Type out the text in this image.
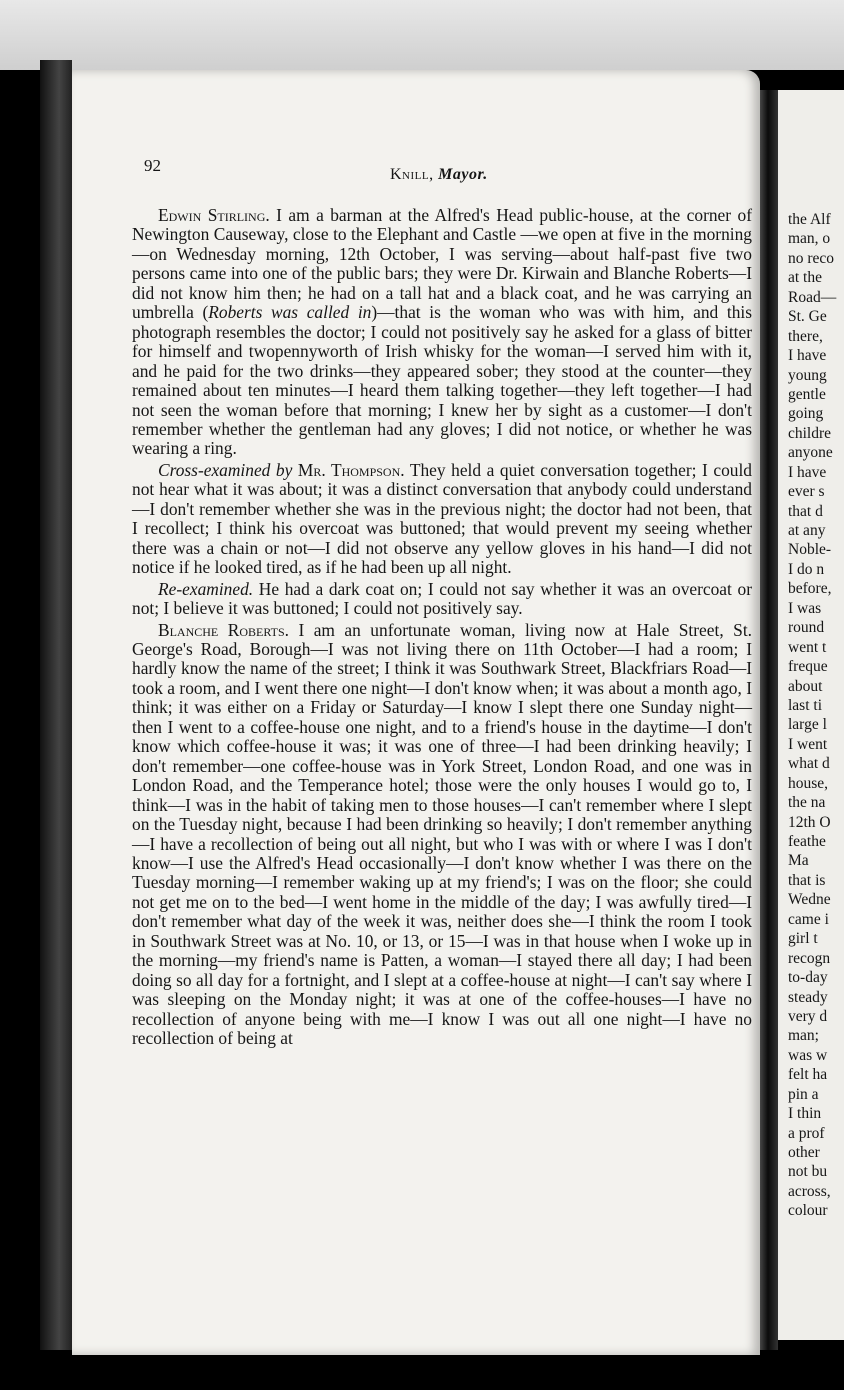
92	Knill, Mayor.

Edwin Stirling. I am a barman at the Alfred's Head public-house, at the corner of Newington Causeway, close to the Elephant and Castle —we open at five in the morning—on Wednesday morning, 12th October, I was serving—about half-past five two persons came into one of the public bars; they were Dr. Kirwain and Blanche Roberts—I did not know him then; he had on a tall hat and a black coat, and he was carrying an umbrella (Roberts was called in)—that is the woman who was with him, and this photograph resembles the doctor; I could not positively say he asked for a glass of bitter for himself and twopennyworth of Irish whisky for the woman—I served him with it, and he paid for the two drinks—they appeared sober; they stood at the counter—they remained about ten minutes—I heard them talking together—they left together—I had not seen the woman before that morning; I knew her by sight as a customer—I don't remember whether the gentleman had any gloves; I did not notice, or whether he was wearing a ring.

Cross-examined by Mr. Thompson. They held a quiet conversation together; I could not hear what it was about; it was a distinct conversation that anybody could understand—I don't remember whether she was in the previous night; the doctor had not been, that I recollect; I think his overcoat was buttoned; that would prevent my seeing whether there was a chain or not—I did not observe any yellow gloves in his hand—I did not notice if he looked tired, as if he had been up all night.

Re-examined. He had a dark coat on; I could not say whether it was an overcoat or not; I believe it was buttoned; I could not positively say.

Blanche Roberts. I am an unfortunate woman, living now at Hale Street, St. George's Road, Borough—I was not living there on 11th October—I had a room; I hardly know the name of the street; I think it was Southwark Street, Blackfriars Road—I took a room, and I went there one night—I don't know when; it was about a month ago, I think; it was either on a Friday or Saturday—I know I slept there one Sunday night—then I went to a coffee-house one night, and to a friend's house in the daytime—I don't know which coffee-house it was; it was one of three—I had been drinking heavily; I don't remember—one coffee-house was in York Street, London Road, and one was in London Road, and the Temperance hotel; those were the only houses I would go to, I think—I was in the habit of taking men to those houses—I can't remember where I slept on the Tuesday night, because I had been drinking so heavily; I don't remember anything—I have a recollection of being out all night, but who I was with or where I was I don't know—I use the Alfred's Head occasionally—I don't know whether I was there on the Tuesday morning—I remember waking up at my friend's; I was on the floor; she could not get me on to the bed—I went home in the middle of the day; I was awfully tired—I don't remember what day of the week it was, neither does she—I think the room I took in Southwark Street was at No. 10, or 13, or 15—I was in that house when I woke up in the morning—my friend's name is Patten, a woman—I stayed there all day; I had been doing so all day for a fortnight, and I slept at a coffee-house at night—I can't say where I was sleeping on the Monday night; it was at one of the coffee-houses—I have no recollection of anyone being with me—I know I was out all one night—I have no recollection of being at

the Alf
man, o
no reco
at the
Road—
St. Ge
there,
I have
young
gentle
going
childre
anyone
I have
ever s
that d
at any
Noble-
I do n
before,
I was
round
went t
freque
about
last ti
large l
I went
what d
house,
the na
12th O
feathe
Ma
that is
Wedne
came i
girl t
recogn
to-day
steady
very d
man;
was w
felt ha
pin a
I thin
a prof
other
not bu
across,
colour
